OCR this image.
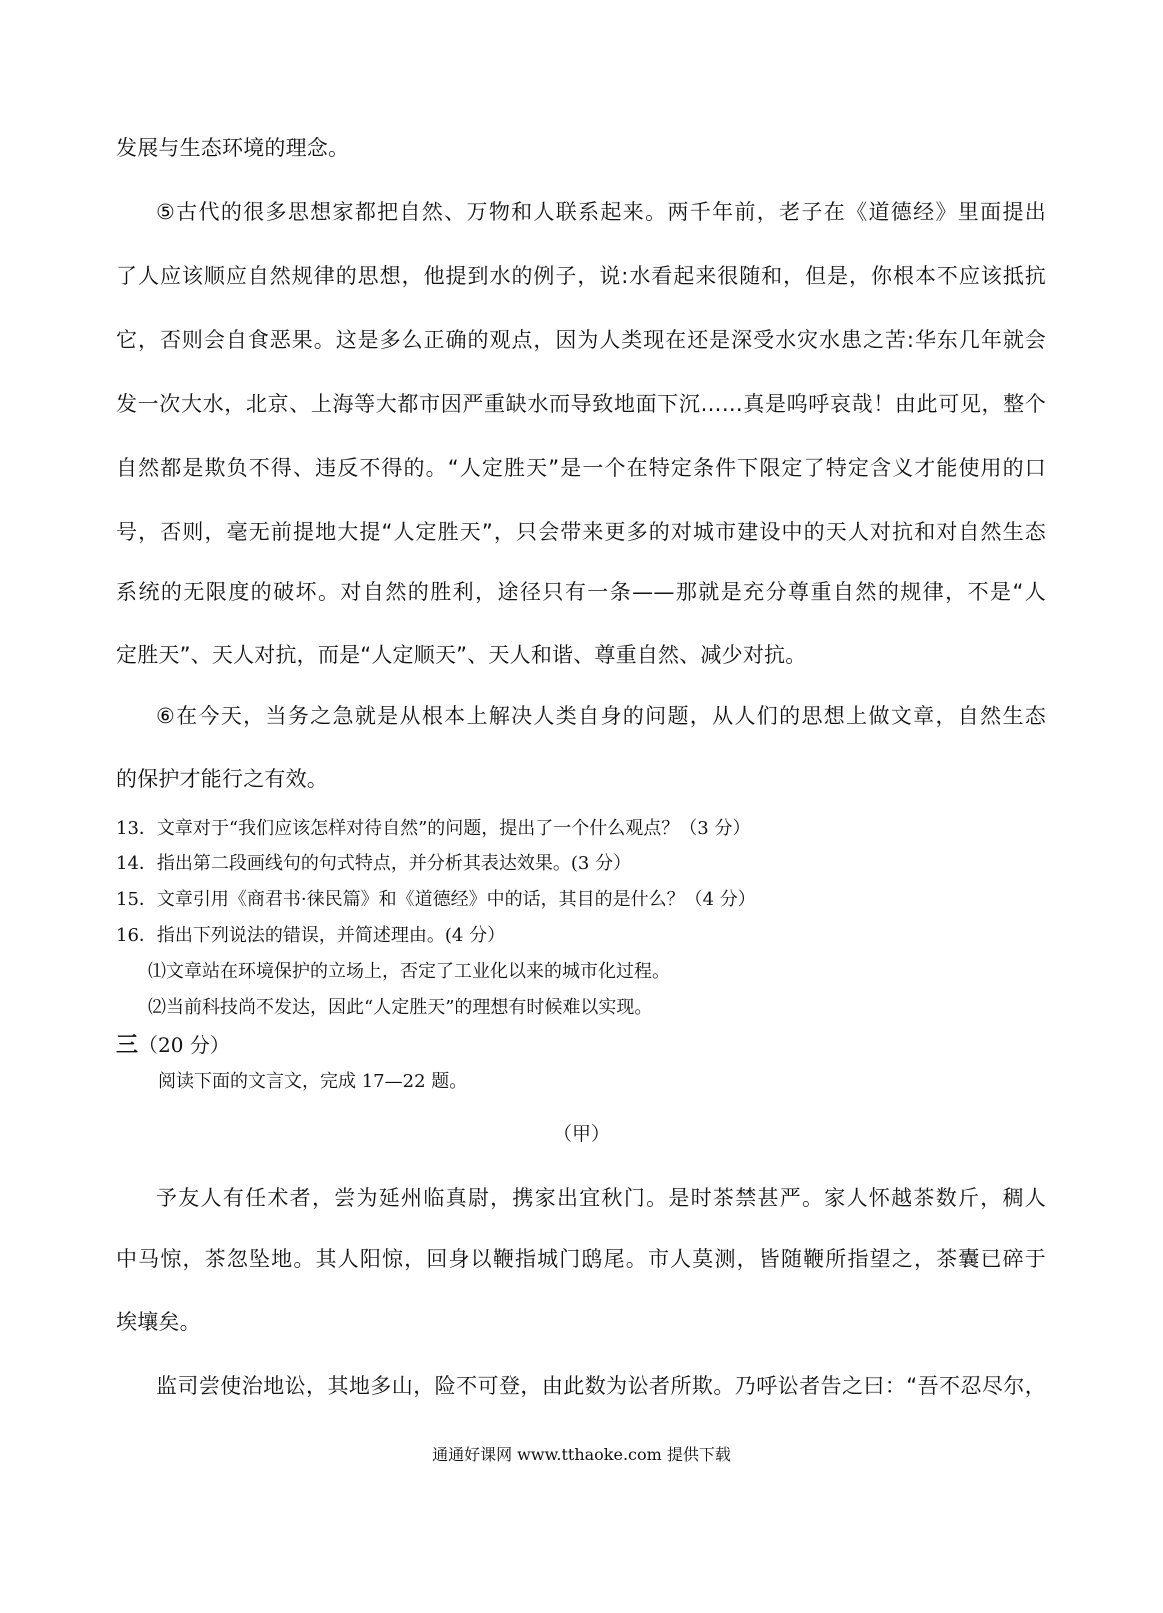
发展与生态环境的理念。
⑤古代的很多思想家都把自然、万物和人联系起来。两千年前，老子在《道德经》里面提出
了人应该顺应自然规律的思想，他提到水的例子，说:水看起来很随和，但是，你根本不应该抵抗
它，否则会自食恶果。这是多么正确的观点，因为人类现在还是深受水灾水患之苦:华东几年就会
发一次大水，北京、上海等大都市因严重缺水而导致地面下沉……真是呜呼哀哉！由此可见，整个
自然都是欺负不得、违反不得的。“人定胜天”是一个在特定条件下限定了特定含义才能使用的口
号，否则，毫无前提地大提“人定胜天”，只会带来更多的对城市建设中的天人对抗和对自然生态
系统的无限度的破坏。对自然的胜利，途径只有一条——那就是充分尊重自然的规律，不是“人
定胜天”、天人对抗，而是“人定顺天”、天人和谐、尊重自然、减少对抗。
⑥在今天，当务之急就是从根本上解决人类自身的问题，从人们的思想上做文章，自然生态
的保护才能行之有效。
13．文章对于“我们应该怎样对待自然”的问题，提出了一个什么观点？（3 分）
14．指出第二段画线句的句式特点，并分析其表达效果。(3 分）
15．文章引用《商君书·徕民篇》和《道德经》中的话，其目的是什么？（4 分）
16．指出下列说法的错误，并简述理由。(4 分）
⑴文章站在环境保护的立场上，否定了工业化以来的城市化过程。
⑵当前科技尚不发达，因此“人定胜天”的理想有时候难以实现。
三（20 分）
阅读下面的文言文，完成 17—22 题。
（甲）
予友人有任术者，尝为延州临真尉，携家出宜秋门。是时茶禁甚严。家人怀越茶数斤，稠人
中马惊，茶忽坠地。其人阳惊，回身以鞭指城门鸱尾。市人莫测，皆随鞭所指望之，茶囊已碎于
埃壤矣。
监司尝使治地讼，其地多山，险不可登，由此数为讼者所欺。乃呼讼者告之曰：“吾不忍尽尔，
通通好课网 www.tthaoke.com 提供下载
